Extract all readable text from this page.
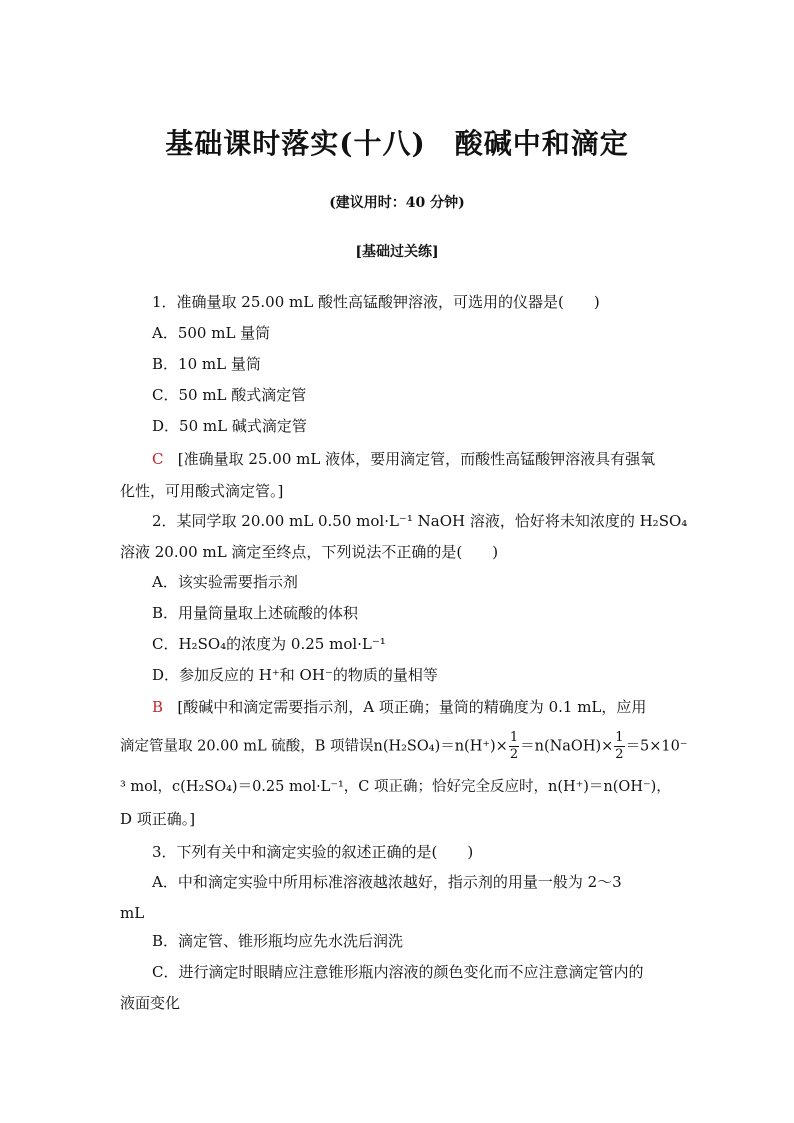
基础课时落实(十八)　酸碱中和滴定
(建议用时：40 分钟)
[基础过关练]
1．准确量取 25.00 mL 酸性高锰酸钾溶液，可选用的仪器是(　　)
A．500 mL 量筒
B．10 mL 量筒
C．50 mL 酸式滴定管
D．50 mL 碱式滴定管
C [准确量取 25.00 mL 液体，要用滴定管，而酸性高锰酸钾溶液具有强氧
化性，可用酸式滴定管。]
2．某同学取 20.00 mL 0.50 mol·L⁻¹ NaOH 溶液，恰好将未知浓度的 H₂SO₄
溶液 20.00 mL 滴定至终点，下列说法不正确的是(　　)
A．该实验需要指示剂
B．用量筒量取上述硫酸的体积
C．H₂SO₄的浓度为 0.25 mol·L⁻¹
D．参加反应的 H⁺和 OH⁻的物质的量相等
B [酸碱中和滴定需要指示剂，A 项正确；量筒的精确度为 0.1 mL，应用
滴定管量取 20.00 mL 硫酸，B 项错误$n(H_2SO_4)=n(H^+)\times \frac{1}{2}$ ＝n(NaOH)× $\frac{1}{2} =5\times 10^-$
³ mol，c(H₂SO₄)＝0.25 mol·L⁻¹，C 项正确；恰好完全反应时，n(H⁺)＝n(OH⁻)，
D 项正确。]
3．下列有关中和滴定实验的叙述正确的是(　　)
A．中和滴定实验中所用标准溶液越浓越好，指示剂的用量一般为 2～3
mL
B．滴定管、锥形瓶均应先水洗后润洗
C．进行滴定时眼睛应注意锥形瓶内溶液的颜色变化而不应注意滴定管内的
液面变化
